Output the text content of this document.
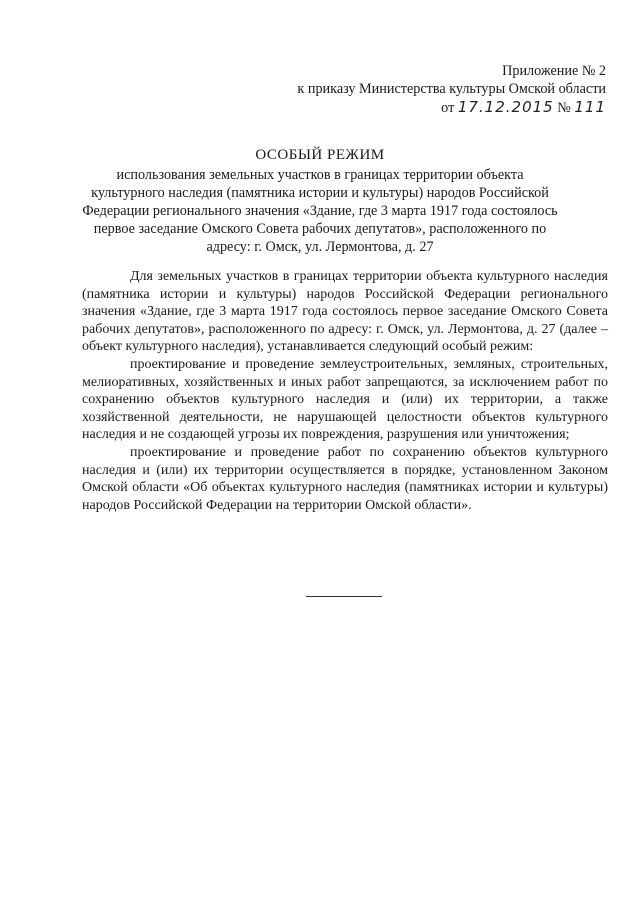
Приложение № 2
к приказу Министерства культуры Омской области
от 17.12.2015 № 111
ОСОБЫЙ РЕЖИМ
использования земельных участков в границах территории объекта культурного наследия (памятника истории и культуры) народов Российской Федерации регионального значения «Здание, где 3 марта 1917 года состоялось первое заседание Омского Совета рабочих депутатов», расположенного по адресу: г. Омск, ул. Лермонтова, д. 27

Для земельных участков в границах территории объекта культурного наследия (памятника истории и культуры) народов Российской Федерации регионального значения «Здание, где 3 марта 1917 года состоялось первое заседание Омского Совета рабочих депутатов», расположенного по адресу: г. Омск, ул. Лермонтова, д. 27 (далее – объект культурного наследия), устанавливается следующий особый режим:

проектирование и проведение землеустроительных, земляных, строительных, мелиоративных, хозяйственных и иных работ запрещаются, за исключением работ по сохранению объектов культурного наследия и (или) их территории, а также хозяйственной деятельности, не нарушающей целостности объектов культурного наследия и не создающей угрозы их повреждения, разрушения или уничтожения;

проектирование и проведение работ по сохранению объектов культурного наследия и (или) их территории осуществляется в порядке, установленном Законом Омской области «Об объектах культурного наследия (памятниках истории и культуры) народов Российской Федерации на территории Омской области».
